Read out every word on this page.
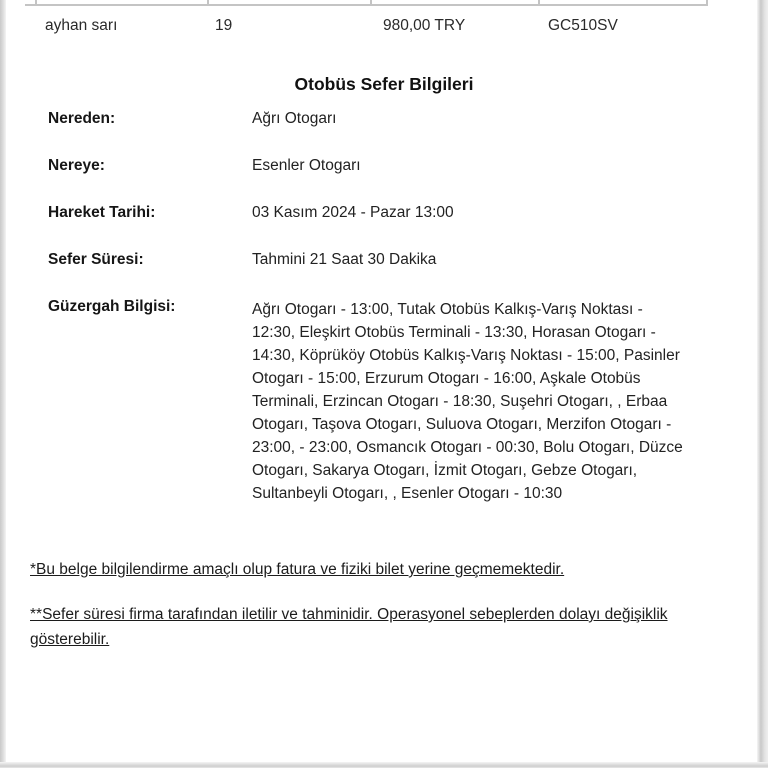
ayhan sarı	19	980,00 TRY	GC510SV
Otobüs Sefer Bilgileri
Nereden:	Ağrı Otogarı
Nereye:	Esenler Otogarı
Hareket Tarihi:	03 Kasım 2024 - Pazar 13:00
Sefer Süresi:	Tahmini 21 Saat 30 Dakika
Güzergah Bilgisi:	Ağrı Otogarı - 13:00, Tutak Otobüs Kalkış-Varış Noktası - 12:30, Eleşkirt Otobüs Terminali - 13:30, Horasan Otogarı - 14:30, Köprüköy Otobüs Kalkış-Varış Noktası - 15:00, Pasinler Otogarı - 15:00, Erzurum Otogarı - 16:00, Aşkale Otobüs Terminali, Erzincan Otogarı - 18:30, Suşehri Otogarı, , Erbaa Otogarı, Taşova Otogarı, Suluova Otogarı, Merzifon Otogarı - 23:00, - 23:00, Osmancık Otogarı - 00:30, Bolu Otogarı, Düzce Otogarı, Sakarya Otogarı, İzmit Otogarı, Gebze Otogarı, Sultanbeyli Otogarı, , Esenler Otogarı - 10:30
*Bu belge bilgilendirme amaçlı olup fatura ve fiziki bilet yerine geçmemektedir.
**Sefer süresi firma tarafından iletilir ve tahminidir. Operasyonel sebeplerden dolayı değişiklik gösterebilir.
